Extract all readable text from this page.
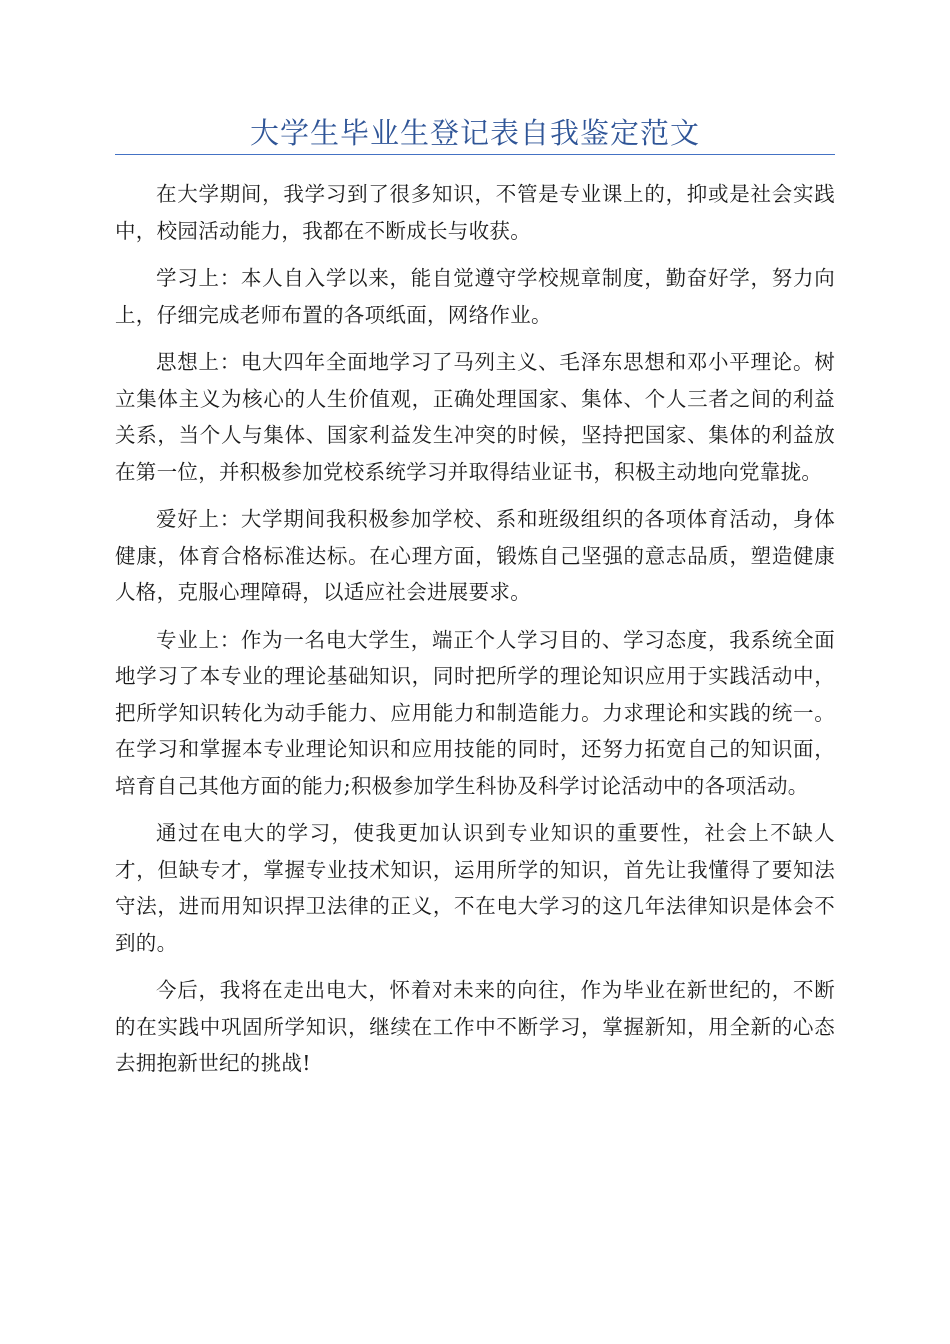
大学生毕业生登记表自我鉴定范文

在大学期间，我学习到了很多知识，不管是专业课上的，抑或是社会实践中，校园活动能力，我都在不断成长与收获。

学习上：本人自入学以来，能自觉遵守学校规章制度，勤奋好学，努力向上，仔细完成老师布置的各项纸面，网络作业。

思想上：电大四年全面地学习了马列主义、毛泽东思想和邓小平理论。树立集体主义为核心的人生价值观，正确处理国家、集体、个人三者之间的利益关系，当个人与集体、国家利益发生冲突的时候，坚持把国家、集体的利益放在第一位，并积极参加党校系统学习并取得结业证书，积极主动地向党靠拢。

爱好上：大学期间我积极参加学校、系和班级组织的各项体育活动，身体健康，体育合格标准达标。在心理方面，锻炼自己坚强的意志品质，塑造健康人格，克服心理障碍，以适应社会进展要求。

专业上：作为一名电大学生，端正个人学习目的、学习态度，我系统全面地学习了本专业的理论基础知识，同时把所学的理论知识应用于实践活动中，把所学知识转化为动手能力、应用能力和制造能力。力求理论和实践的统一。在学习和掌握本专业理论知识和应用技能的同时，还努力拓宽自己的知识面，培育自己其他方面的能力;积极参加学生科协及科学讨论活动中的各项活动。

通过在电大的学习，使我更加认识到专业知识的重要性，社会上不缺人才，但缺专才，掌握专业技术知识，运用所学的知识，首先让我懂得了要知法守法，进而用知识捍卫法律的正义，不在电大学习的这几年法律知识是体会不到的。

今后，我将在走出电大，怀着对未来的向往，作为毕业在新世纪的，不断的在实践中巩固所学知识，继续在工作中不断学习，掌握新知，用全新的心态去拥抱新世纪的挑战!
